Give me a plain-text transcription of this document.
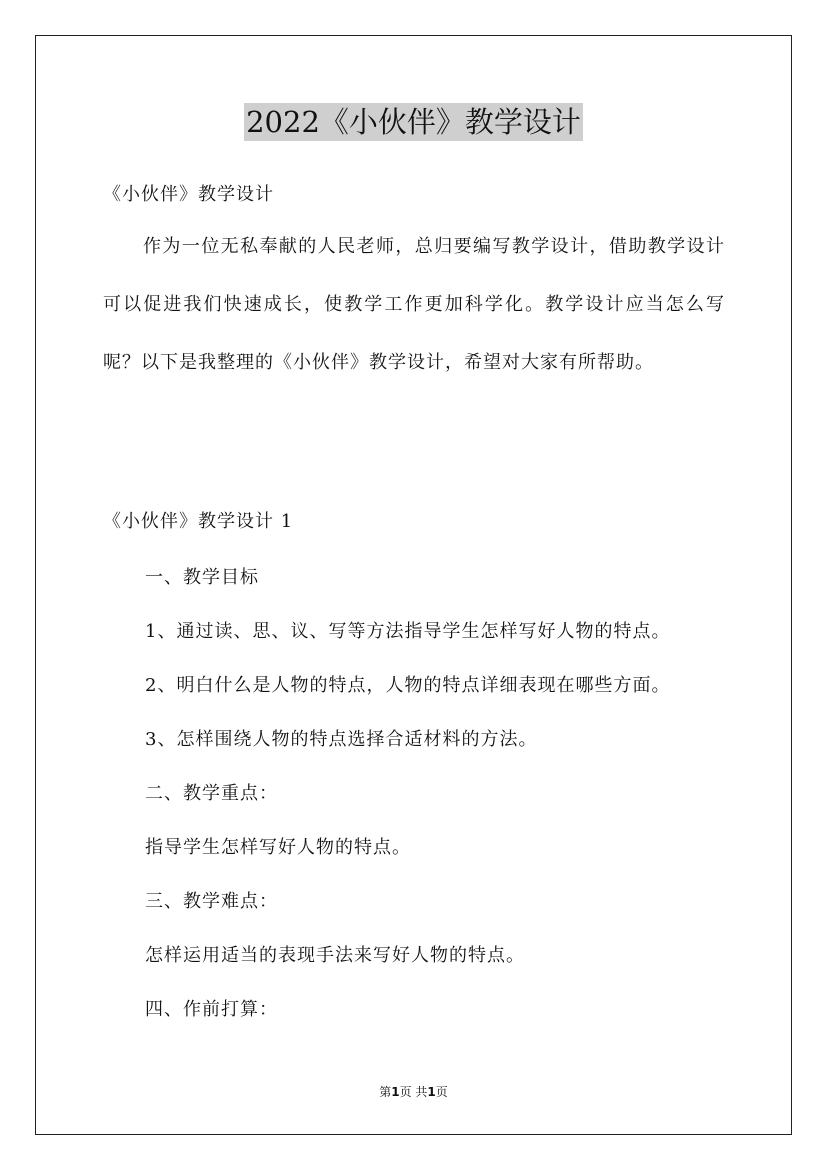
2022《小伙伴》教学设计
《小伙伴》教学设计
作为一位无私奉献的人民老师，总归要编写教学设计，借助教学设计可以促进我们快速成长，使教学工作更加科学化。教学设计应当怎么写呢？以下是我整理的《小伙伴》教学设计，希望对大家有所帮助。
《小伙伴》教学设计 1
一、教学目标
1、通过读、思、议、写等方法指导学生怎样写好人物的特点。
2、明白什么是人物的特点，人物的特点详细表现在哪些方面。
3、怎样围绕人物的特点选择合适材料的方法。
二、教学重点：
指导学生怎样写好人物的特点。
三、教学难点：
怎样运用适当的表现手法来写好人物的特点。
四、作前打算：
第1页 共1页
